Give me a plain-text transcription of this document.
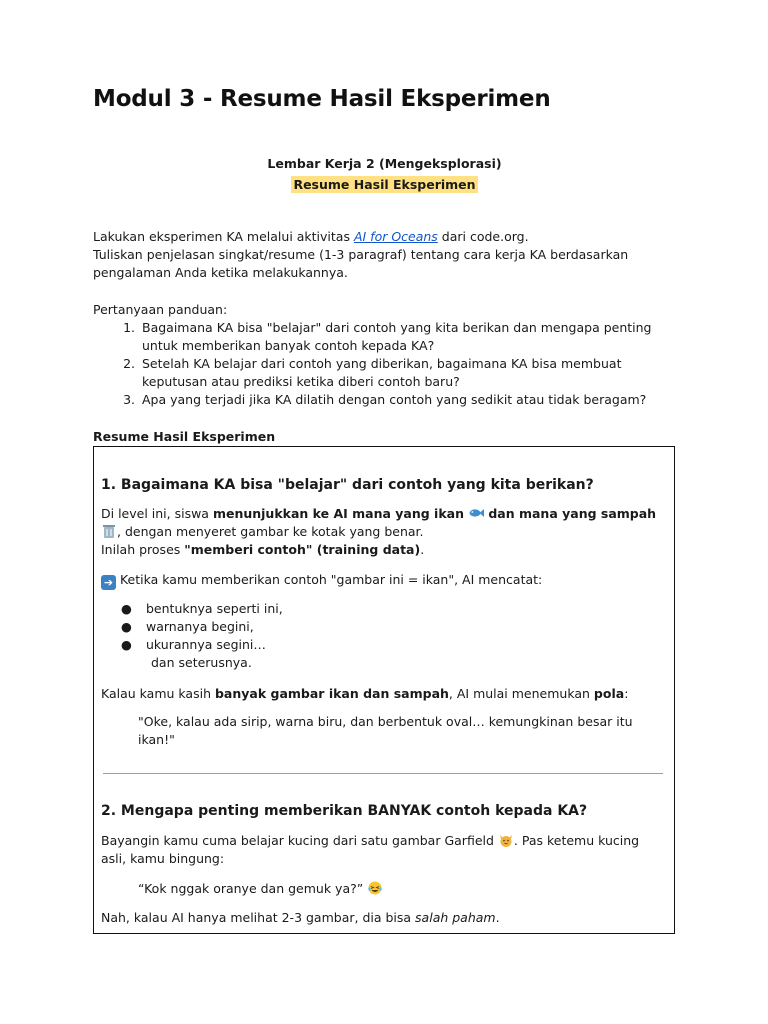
Modul 3 - Resume Hasil Eksperimen
Lembar Kerja 2 (Mengeksplorasi)
Resume Hasil Eksperimen

Lakukan eksperimen KA melalui aktivitas AI for Oceans dari code.org.

Tuliskan penjelasan singkat/resume (1-3 paragraf) tentang cara kerja KA berdasarkan pengalaman Anda ketika melakukannya.

Pertanyaan panduan:
1. Bagaimana KA bisa "belajar" dari contoh yang kita berikan dan mengapa penting untuk memberikan banyak contoh kepada KA?
2. Setelah KA belajar dari contoh yang diberikan, bagaimana KA bisa membuat keputusan atau prediksi ketika diberi contoh baru?
3. Apa yang terjadi jika KA dilatih dengan contoh yang sedikit atau tidak beragam?
Resume Hasil Eksperimen
1. Bagaimana KA bisa "belajar" dari contoh yang kita berikan?

Di level ini, siswa menunjukkan ke AI mana yang ikan  dan mana yang sampah , dengan menyeret gambar ke kotak yang benar.

Inilah proses "memberi contoh" (training data).

➔ Ketika kamu memberikan contoh "gambar ini = ikan", AI mencatat:

● bentuknya seperti ini,
● warnanya begini,
● ukurannya segini…
dan seterusnya.

Kalau kamu kasih banyak gambar ikan dan sampah, AI mulai menemukan pola:

"Oke, kalau ada sirip, warna biru, dan berbentuk oval… kemungkinan besar itu ikan!"
2. Mengapa penting memberikan BANYAK contoh kepada KA?

Bayangin kamu cuma belajar kucing dari satu gambar Garfield . Pas ketemu kucing asli, kamu bingung:

“Kok nggak oranye dan gemuk ya?”

Nah, kalau AI hanya melihat 2-3 gambar, dia bisa salah paham.
